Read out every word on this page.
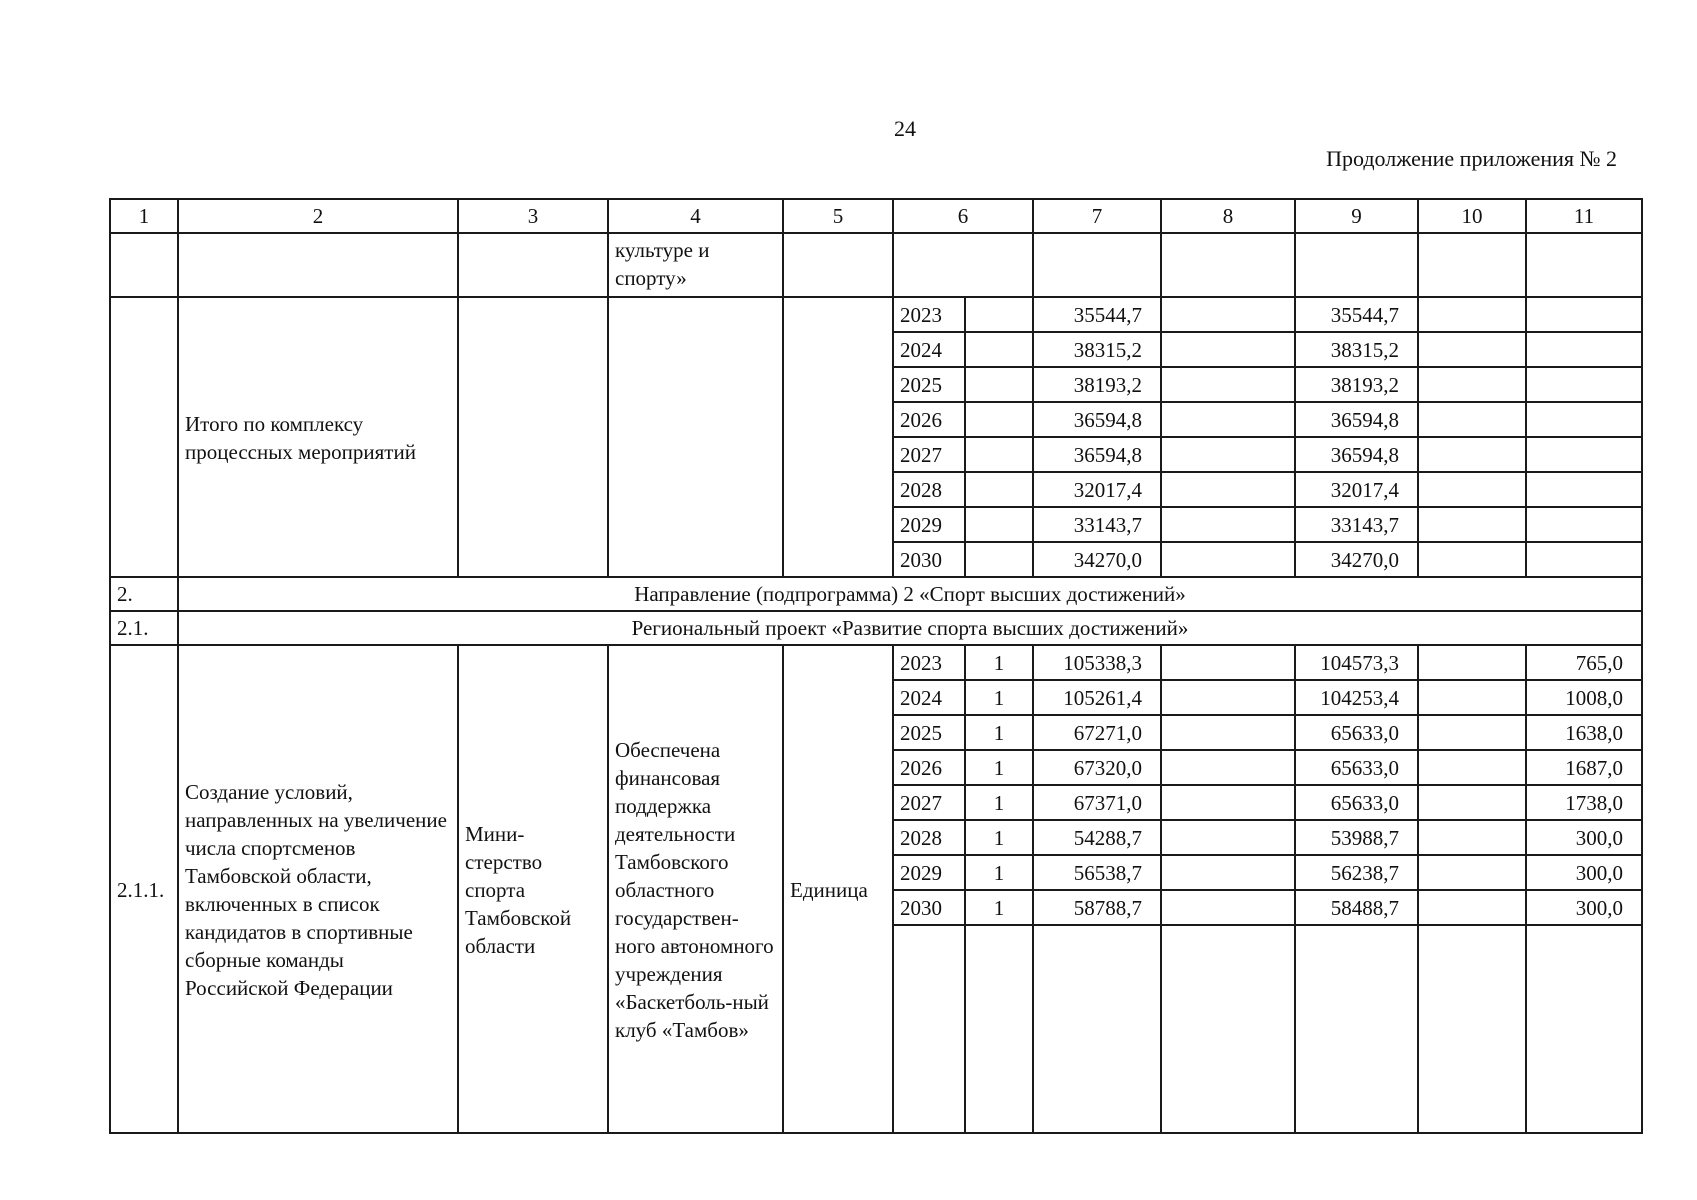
24
Продолжение приложения № 2
1	2	3	4	5	6		7	8	9	10	11
			культуре и спорту»								
	Итого по комплексу процессных мероприятий				2023		35544,7		35544,7		
					2024		38315,2		38315,2		
					2025		38193,2		38193,2		
					2026		36594,8		36594,8		
					2027		36594,8		36594,8		
					2028		32017,4		32017,4		
					2029		33143,7		33143,7		
					2030		34270,0		34270,0		
2.	Направление (подпрограмма) 2 «Спорт высших достижений»										
2.1.	Региональный проект «Развитие спорта высших достижений»										
2.1.1.	Создание условий, направленных на увеличение числа спортсменов Тамбовской области, включенных в список кандидатов в спортивные сборные команды Российской Федерации	Мини-стерство спорта Тамбовской области	Обеспечена финансовая поддержка деятельности Тамбовского областного государствен-ного автономного учреждения «Баскетболь-ный клуб «Тамбов»	Единица	2023	1	105338,3		104573,3		765,0
					2024	1	105261,4		104253,4		1008,0
					2025	1	67271,0		65633,0		1638,0
					2026	1	67320,0		65633,0		1687,0
					2027	1	67371,0		65633,0		1738,0
					2028	1	54288,7		53988,7		300,0
					2029	1	56538,7		56238,7		300,0
					2030	1	58788,7		58488,7		300,0
